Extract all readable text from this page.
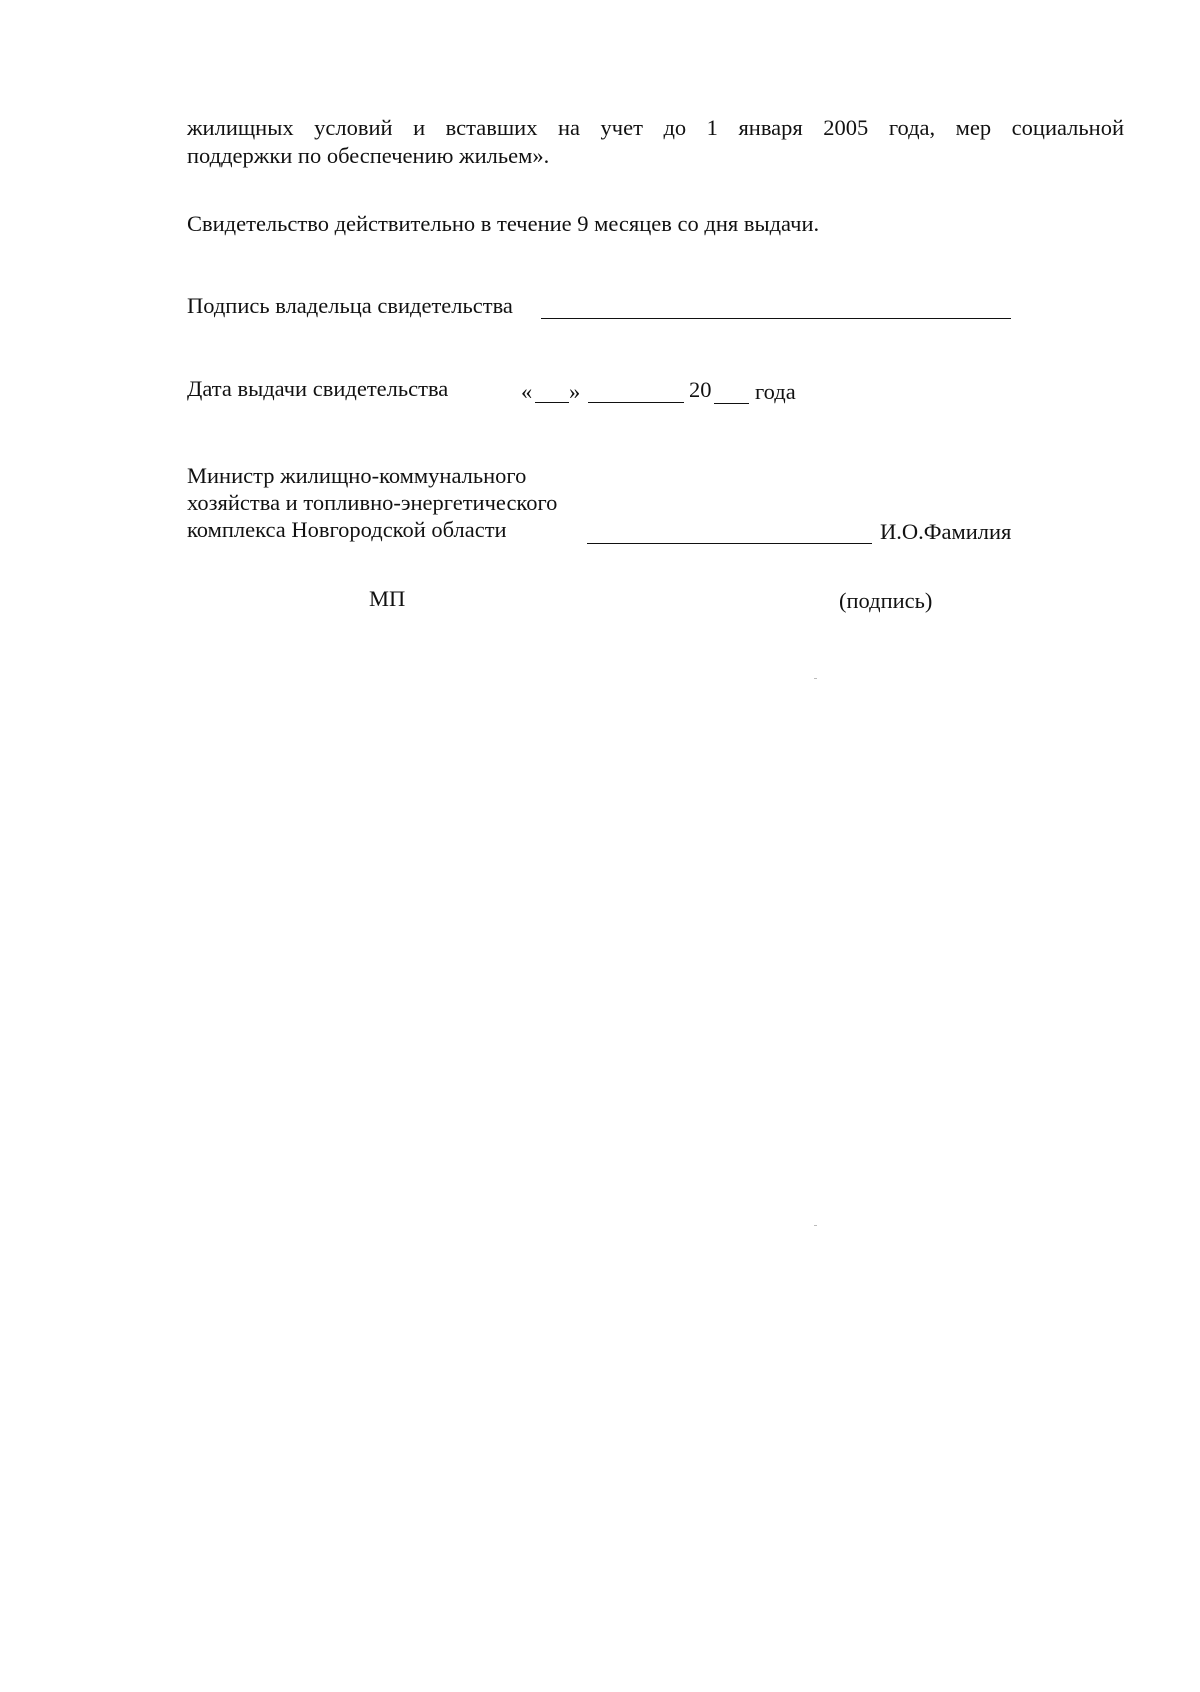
жилищных условий и вставших на учет до 1 января 2005 года, мер социальной
поддержки по обеспечению жильем».
Свидетельство действительно в течение 9 месяцев со дня выдачи.
Подпись владельца свидетельства
Дата выдачи свидетельства	« »	20 года
Министр жилищно-коммунального
хозяйства и топливно-энергетического
комплекса Новгородской области	И.О.Фамилия
МП	(подпись)
